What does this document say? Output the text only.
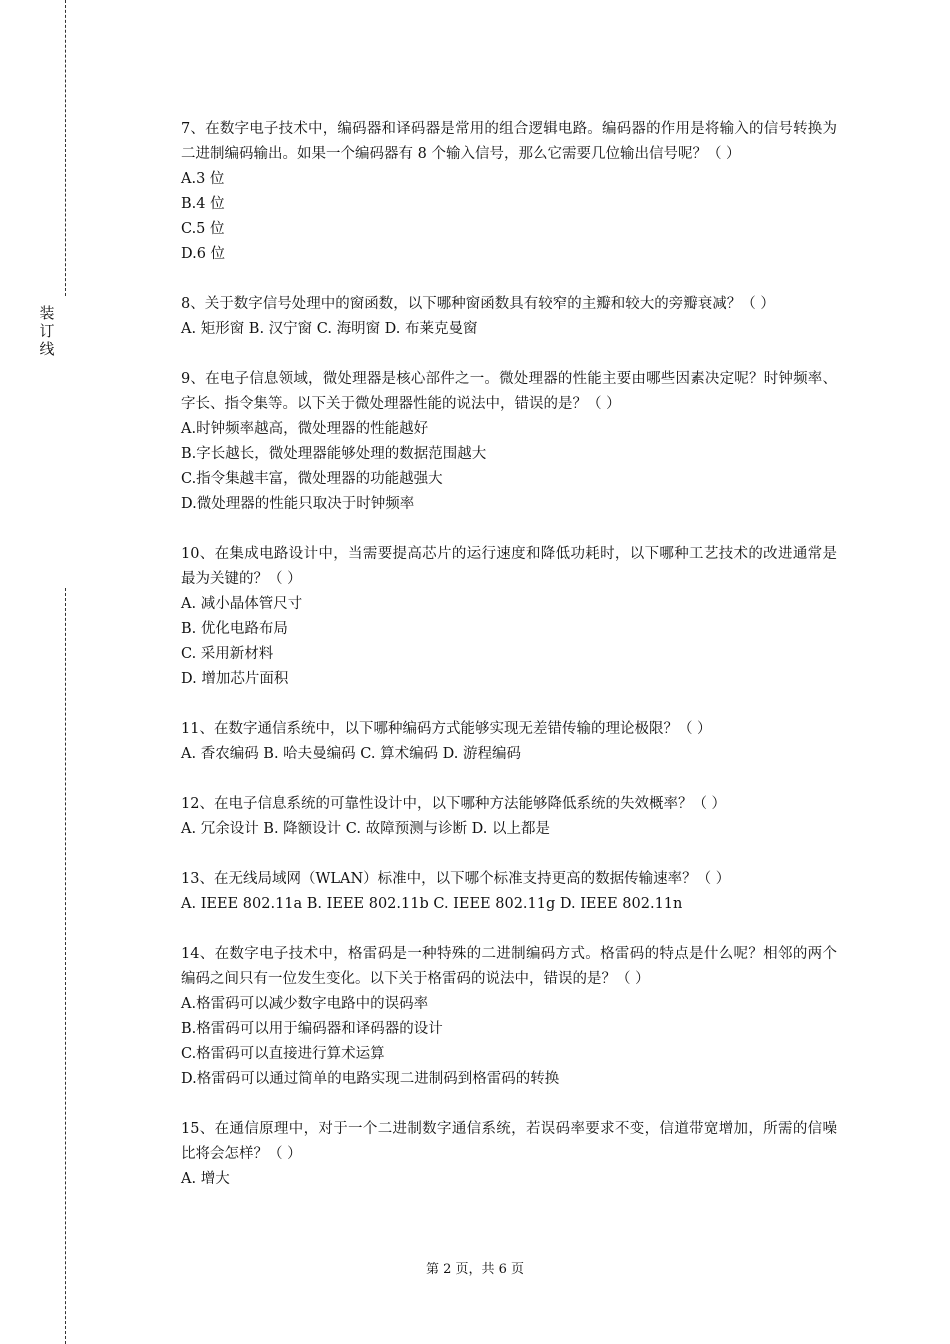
装
订
线
7、在数字电子技术中，编码器和译码器是常用的组合逻辑电路。编码器的作用是将输入的信号转换为二进制编码输出。如果一个编码器有 8 个输入信号，那么它需要几位输出信号呢？（ ）
A.3 位
B.4 位
C.5 位
D.6 位
8、关于数字信号处理中的窗函数，以下哪种窗函数具有较窄的主瓣和较大的旁瓣衰减？（ ）
A. 矩形窗 B. 汉宁窗 C. 海明窗 D. 布莱克曼窗
9、在电子信息领域，微处理器是核心部件之一。微处理器的性能主要由哪些因素决定呢？时钟频率、字长、指令集等。以下关于微处理器性能的说法中，错误的是？（ ）
A.时钟频率越高，微处理器的性能越好
B.字长越长，微处理器能够处理的数据范围越大
C.指令集越丰富，微处理器的功能越强大
D.微处理器的性能只取决于时钟频率
10、在集成电路设计中，当需要提高芯片的运行速度和降低功耗时，以下哪种工艺技术的改进通常是最为关键的？（ ）
A. 减小晶体管尺寸
B. 优化电路布局
C. 采用新材料
D. 增加芯片面积
11、在数字通信系统中，以下哪种编码方式能够实现无差错传输的理论极限？（ ）
A. 香农编码 B. 哈夫曼编码 C. 算术编码 D. 游程编码
12、在电子信息系统的可靠性设计中，以下哪种方法能够降低系统的失效概率？（ ）
A. 冗余设计 B. 降额设计 C. 故障预测与诊断 D. 以上都是
13、在无线局域网（WLAN）标准中，以下哪个标准支持更高的数据传输速率？（ ）
A. IEEE 802.11a B. IEEE 802.11b C. IEEE 802.11g D. IEEE 802.11n
14、在数字电子技术中，格雷码是一种特殊的二进制编码方式。格雷码的特点是什么呢？相邻的两个编码之间只有一位发生变化。以下关于格雷码的说法中，错误的是？（ ）
A.格雷码可以减少数字电路中的误码率
B.格雷码可以用于编码器和译码器的设计
C.格雷码可以直接进行算术运算
D.格雷码可以通过简单的电路实现二进制码到格雷码的转换
15、在通信原理中，对于一个二进制数字通信系统，若误码率要求不变，信道带宽增加，所需的信噪比将会怎样？（ ）
A. 增大
第 2 页，共 6 页
